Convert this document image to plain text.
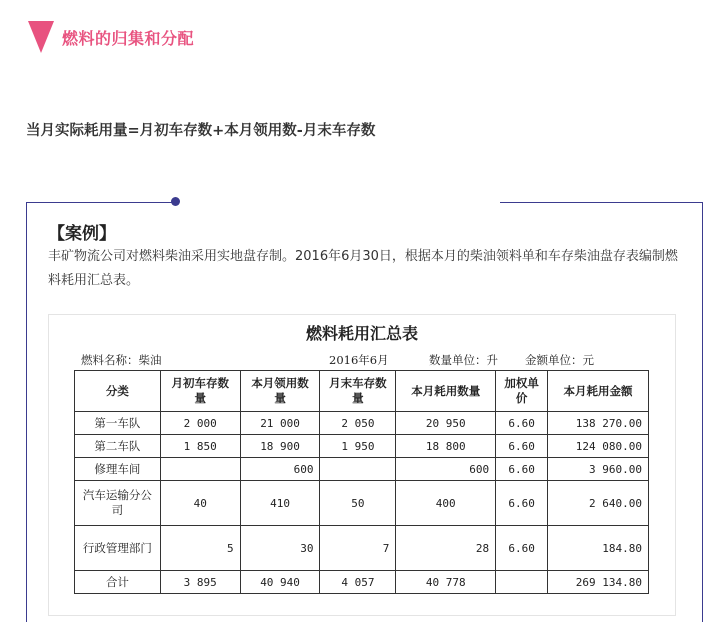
燃料的归集和分配
当月实际耗用量=月初车存数+本月领用数-月末车存数
【案例】
丰矿物流公司对燃料柴油采用实地盘存制。2016年6月30日，根据本月的柴油领料单和车存柴油盘存表编制燃料耗用汇总表。
燃料耗用汇总表
燃料名称：柴油	2016年6月	数量单位：升 金额单位：元
分类	月初车存数量	本月领用数量	月末车存数量	本月耗用数量	加权单价	本月耗用金额
第一车队	2 000	21 000	2 050	20 950	6.60	138 270.00
第二车队	1 850	18 900	1 950	18 800	6.60	124 080.00
修理车间		600		600	6.60	3 960.00
汽车运输分公司	40	410	50	400	6.60	2 640.00
行政管理部门	5	30	7	28	6.60	184.80
合计	3 895	40 940	4 057	40 778		269 134.80
